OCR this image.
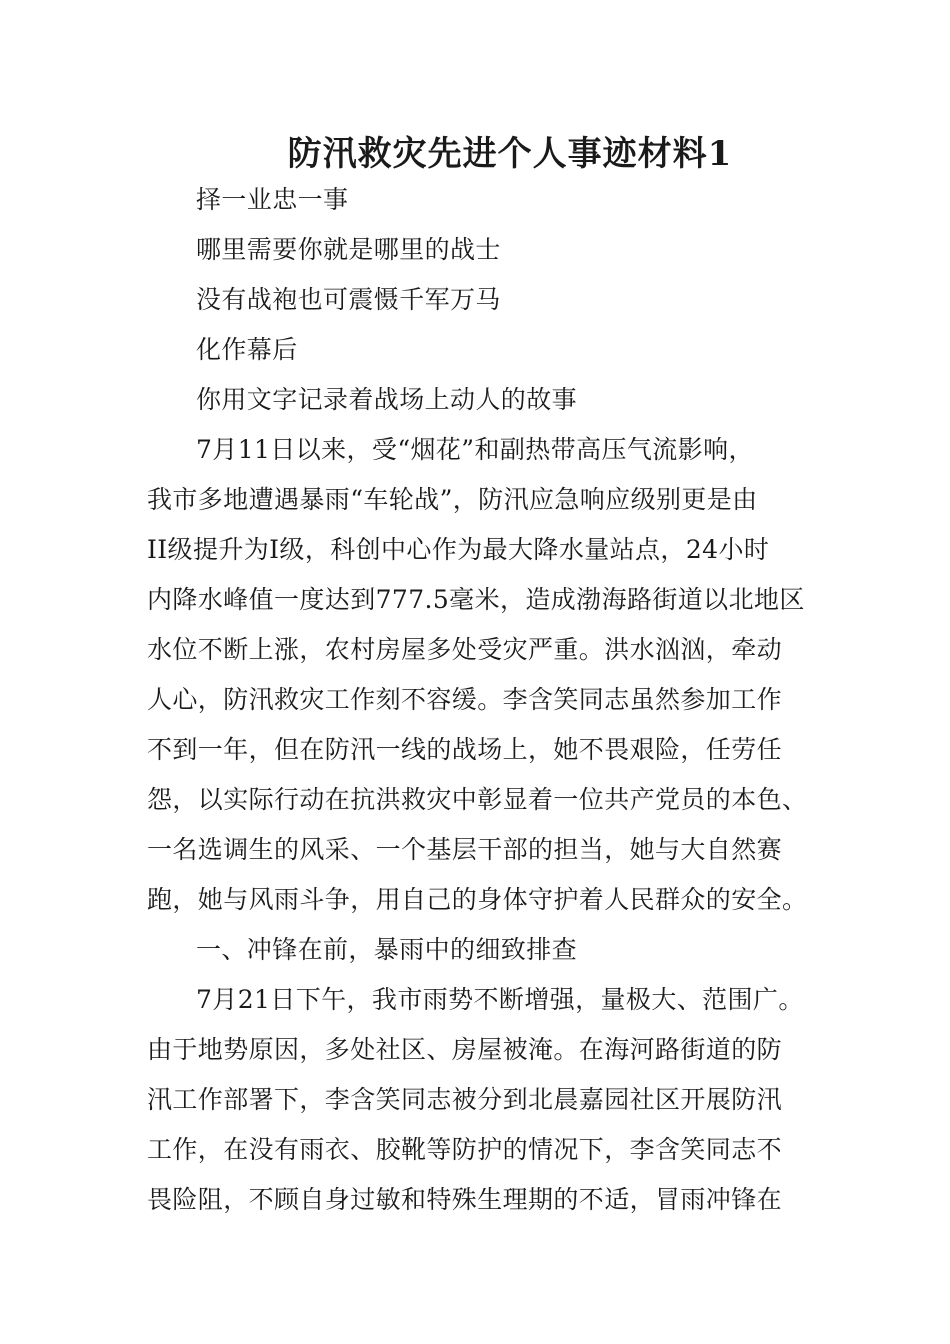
防汛救灾先进个人事迹材料1
择一业忠一事
哪里需要你就是哪里的战士
没有战袍也可震慑千军万马
化作幕后
你用文字记录着战场上动人的故事
7月11日以来，受“烟花”和副热带高压气流影响，
我市多地遭遇暴雨“车轮战”，防汛应急响应级别更是由
II级提升为I级，科创中心作为最大降水量站点，24小时
内降水峰值一度达到777.5毫米，造成渤海路街道以北地区
水位不断上涨，农村房屋多处受灾严重。洪水汹汹，牵动
人心，防汛救灾工作刻不容缓。李含笑同志虽然参加工作
不到一年，但在防汛一线的战场上，她不畏艰险，任劳任
怨，以实际行动在抗洪救灾中彰显着一位共产党员的本色、
一名选调生的风采、一个基层干部的担当，她与大自然赛
跑，她与风雨斗争，用自己的身体守护着人民群众的安全。
一、冲锋在前，暴雨中的细致排查
7月21日下午，我市雨势不断增强，量极大、范围广。
由于地势原因，多处社区、房屋被淹。在海河路街道的防
汛工作部署下，李含笑同志被分到北晨嘉园社区开展防汛
工作，在没有雨衣、胶靴等防护的情况下，李含笑同志不
畏险阻，不顾自身过敏和特殊生理期的不适，冒雨冲锋在
